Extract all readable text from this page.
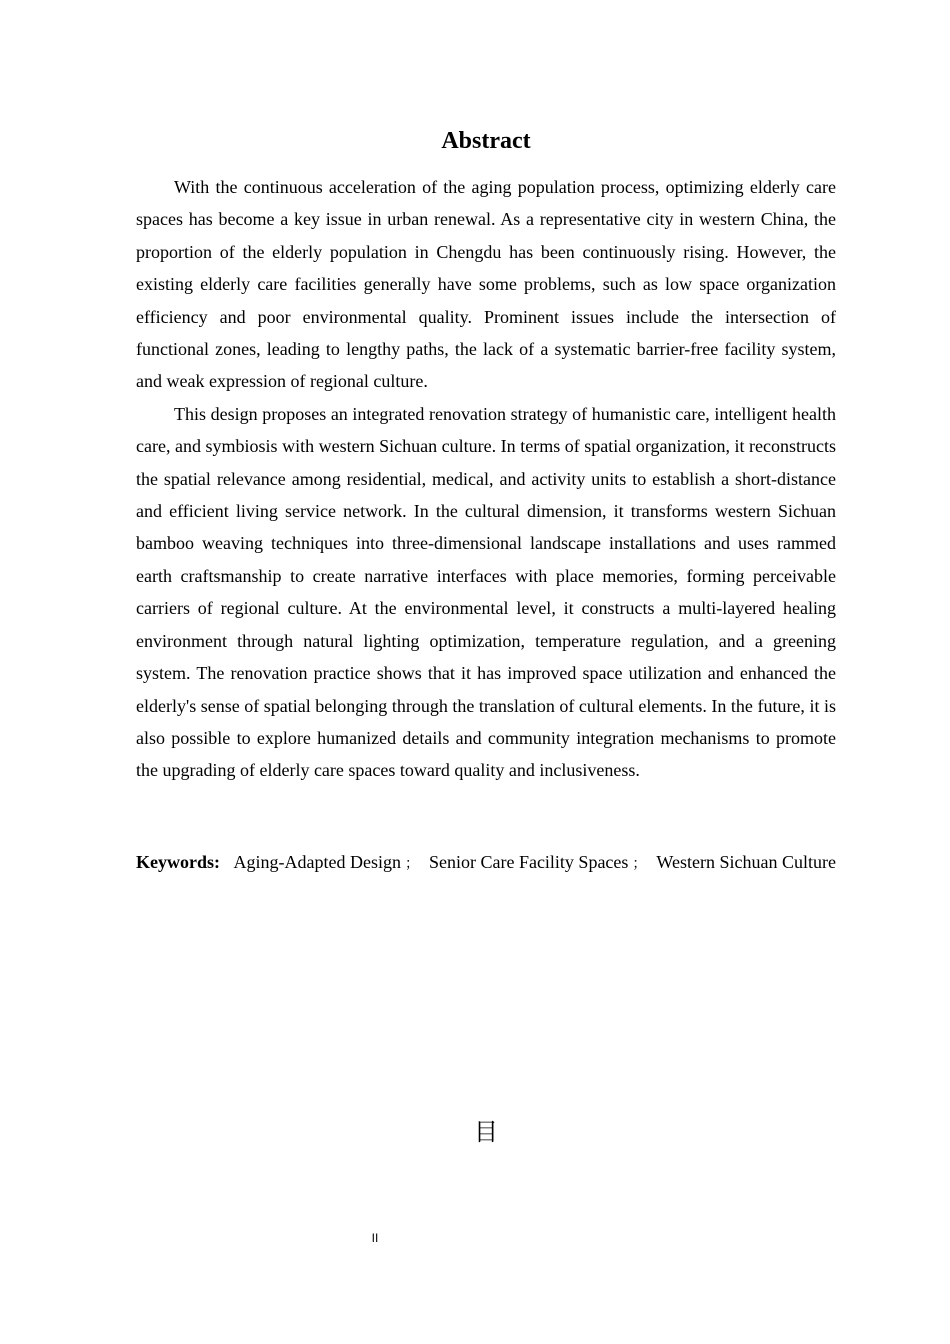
Abstract

With the continuous acceleration of the aging population process, optimizing elderly care spaces has become a key issue in urban renewal. As a representative city in western China, the proportion of the elderly population in Chengdu has been continuously rising. However, the existing elderly care facilities generally have some problems, such as low space organization efficiency and poor environmental quality. Prominent issues include the intersection of functional zones, leading to lengthy paths, the lack of a systematic barrier-free facility system, and weak expression of regional culture.

This design proposes an integrated renovation strategy of humanistic care, intelligent health care, and symbiosis with western Sichuan culture. In terms of spatial organization, it reconstructs the spatial relevance among residential, medical, and activity units to establish a short-distance and efficient living service network. In the cultural dimension, it transforms western Sichuan bamboo weaving techniques into three-dimensional landscape installations and uses rammed earth craftsmanship to create narrative interfaces with place memories, forming perceivable carriers of regional culture. At the environmental level, it constructs a multi-layered healing environment through natural lighting optimization, temperature regulation, and a greening system. The renovation practice shows that it has improved space utilization and enhanced the elderly's sense of spatial belonging through the translation of cultural elements. In the future, it is also possible to explore humanized details and community integration mechanisms to promote the upgrading of elderly care spaces toward quality and inclusiveness.

Keywords: Aging-Adapted Design ； Senior Care Facility Spaces ； Western Sichuan Culture

目
II
